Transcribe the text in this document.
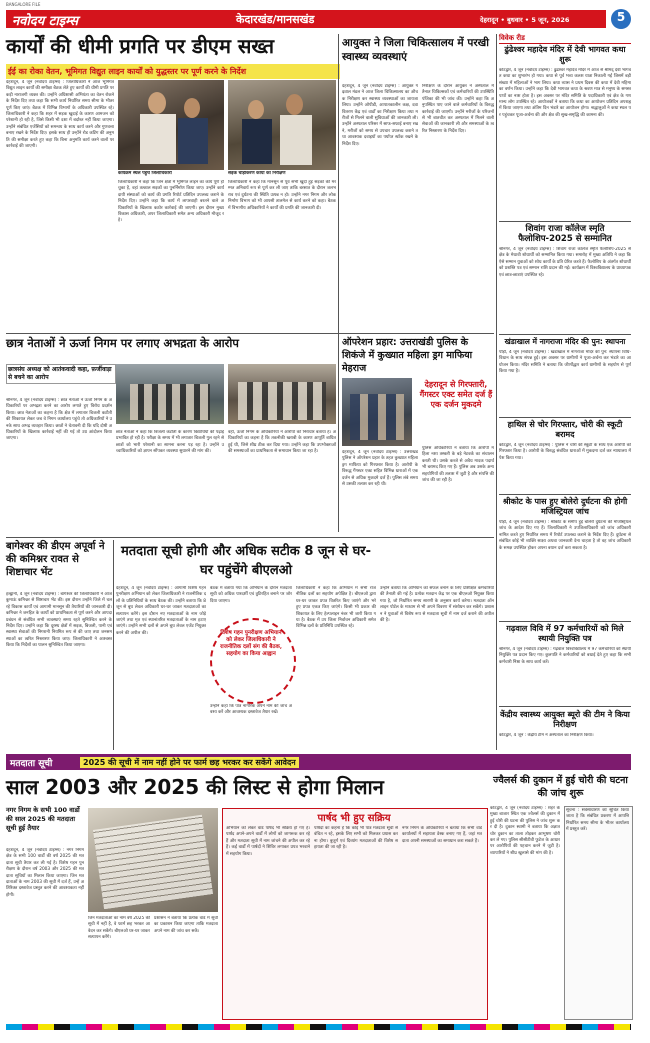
BANGALORE FILE
नवोदय टाइम्स	केदारखंड/मानसखंड	देहरादून • बुधवार • 5 जून, 2026	5
कार्यों की धीमी प्रगति पर डीएम सख्त
ईई का रोका वेतन, भूमिगत विद्युत लाइन कार्यों को युद्धस्तर पर पूर्ण करने के निर्देश
देहरादून, 4 जून (नवोदय टाइम्स) : जिलाधिकारी ने आज भूमिगत विद्युत लाइन कार्यों की समीक्षा बैठक लेते हुए कार्यों की धीमी प्रगति पर कड़ी नाराजगी व्यक्त की। उन्होंने अधिशासी अभियंता का वेतन रोकने के निर्देश दिए तथा कहा कि सभी कार्य निर्धारित समय सीमा के भीतर पूर्ण किए जाएं। बैठक में विभिन्न विभागों के अधिकारी उपस्थित रहे। जिलाधिकारी ने कहा कि शहर में सड़क खुदाई के कारण आमजन को परेशानी हो रही है, जिसे किसी भी दशा में बर्दाश्त नहीं किया जाएगा। उन्होंने संबंधित एजेंसियों को समन्वय के साथ कार्य करने और गुणवत्ता बनाए रखने के निर्देश दिए। इसके साथ ही उन्होंने रोड कटिंग की अनुमति की समीक्षा करते हुए कहा कि बिना अनुमति कार्य करने वालों पर कार्रवाई की जाएगी।
कार्यक्रम स्थल पहुंचे जिलाधिकारी	सड़क चौड़ीकरण कार्यों का निरीक्षण
जिलाधिकारी ने कहा कि जिन क्षेत्रों में भूमिगत लाइन का कार्य पूर्ण हो चुका है, वहां तत्काल सड़कों का पुनर्निर्माण किया जाए। उन्होंने कार्यदायी संस्थाओं को कार्य की प्रगति रिपोर्ट प्रतिदिन उपलब्ध कराने के निर्देश दिए। उन्होंने कहा कि कार्य में लापरवाही बरतने वाले अधिकारियों के खिलाफ कठोर कार्रवाई की जाएगी। इस दौरान मुख्य विकास अधिकारी, अपर जिलाधिकारी समेत अन्य अधिकारी मौजूद रहे।
जिलाधिकारी ने कहा कि मानसून से पूर्व सभी खुदी हुई सड़कों की मरम्मत अनिवार्य रूप से पूर्ण कर ली जाए ताकि बरसात के दौरान जलभराव एवं दुर्घटना की स्थिति उत्पन्न न हो। उन्होंने नगर निगम और लोक निर्माण विभाग को भी आपसी तालमेल से कार्य करने को कहा। बैठक में विभागीय अधिकारियों ने कार्यों की प्रगति की जानकारी दी।
आयुक्त ने जिला चिकित्सालय में परखी स्वास्थ्य व्यवस्थाएं
देहरादून, 4 जून (नवोदय टाइम्स) : आयुक्त गढ़वाल मंडल ने आज जिला चिकित्सालय का औचक निरीक्षण कर स्वास्थ्य व्यवस्थाओं का जायजा लिया। उन्होंने ओपीडी, आपातकालीन कक्ष, दवा वितरण केंद्र एवं वार्डों का निरीक्षण किया तथा मरीजों से मिलने वाली सुविधाओं की जानकारी ली। उन्होंने अस्पताल परिसर में साफ-सफाई बनाए रखने, मरीजों को समय से उपचार उपलब्ध कराने तथा आवश्यक दवाइयों का पर्याप्त स्टॉक रखने के निर्देश दिए।
निरीक्षण के दौरान आयुक्त ने अस्पताल में तैनात चिकित्सकों एवं कर्मचारियों की उपस्थिति पंजिका की भी जांच की। उन्होंने कहा कि अनुपस्थित पाए जाने वाले कर्मचारियों के विरुद्ध कार्रवाई की जाएगी। उन्होंने मरीजों के परिजनों से भी बातचीत कर अस्पताल में मिलने वाली सेवाओं की जानकारी ली और समस्याओं के त्वरित निस्तारण के निर्देश दिए।
विवेक रीड
ढुंढेश्वर महादेव मंदिर में देवी भागवत कथा शुरू
कोटद्वार, 4 जून (नवोदय टाइम्स) : ढुंढेश्वर महादेव मंदिर में आज से श्रीमद् देवी भागवत कथा का शुभारंभ हो गया। कथा से पूर्व भव्य कलश यात्रा निकाली गई जिसमें बड़ी संख्या में महिलाओं ने भाग लिया। कथा व्यास ने प्रथम दिवस की कथा में देवी महिमा का वर्णन किया। उन्होंने कहा कि देवी भागवत कथा के श्रवण मात्र से मनुष्य के समस्त पापों का नाश होता है। इस अवसर पर मंदिर समिति के पदाधिकारी एवं क्षेत्र के गणमान्य लोग उपस्थित रहे। आयोजकों ने बताया कि कथा का आयोजन प्रतिदिन अपराह्न में किया जाएगा तथा अंतिम दिन भंडारे का आयोजन होगा। श्रद्धालुओं ने कथा स्थल पर पहुंचकर पूजा-अर्चना की और क्षेत्र की सुख-समृद्धि की कामना की।
शिवांग राजा कॉलेज स्मृति फैलोशिप-2025 से सम्मानित
श्रीनगर, 4 जून (नवोदय टाइम्स) : शिवांग राजा कॉलेज स्मृति फैलोशिप-2025 से क्षेत्र के मेधावी शोधार्थी को सम्मानित किया गया। समारोह में मुख्य अतिथि ने कहा कि ऐसे सम्मान युवाओं को शोध कार्यों के प्रति प्रेरित करते हैं। फैलोशिप के अंतर्गत शोधार्थी को प्रशस्ति पत्र एवं सम्मान राशि प्रदान की गई। कार्यक्रम में विश्वविद्यालय के प्राध्यापक एवं छात्र-छात्राएं उपस्थित रहे।
खंडाखाल में नागराजा मंदिर की पुन: स्थापना
पौड़ी, 4 जून (नवोदय टाइम्स) : खंडाखाल में नागराजा मंदिर की पुन: स्थापना विधि-विधान के साथ संपन्न हुई। इस अवसर पर ग्रामीणों ने पूजा-अर्चना कर भंडारे का आयोजन किया। मंदिर समिति ने बताया कि जीर्णोद्धार कार्य ग्रामीणों के सहयोग से पूर्ण किया गया है।
हाथिल से चोर गिरफ्तार, चोरी की स्कूटी बरामद
कोटद्वार, 4 जून (नवोदय टाइम्स) : पुलिस ने चोरी की स्कूटी के साथ एक आरोपी को गिरफ्तार किया है। आरोपी के विरुद्ध संबंधित धाराओं में मुकदमा दर्ज कर न्यायालय में पेश किया गया।
श्रीकोट के पास हुए बोलेरो दुर्घटना की होगी मजिस्ट्रियल जांच
पौड़ी, 4 जून (नवोदय टाइम्स) : श्रीकोट के समीप हुई बोलेरो दुर्घटना की मजिस्ट्रियल जांच के आदेश दिए गए हैं। जिलाधिकारी ने उपजिलाधिकारी को जांच अधिकारी नामित करते हुए निर्धारित समय में रिपोर्ट उपलब्ध कराने के निर्देश दिए हैं। दुर्घटना से संबंधित कोई भी व्यक्ति साक्ष्य अथवा जानकारी देना चाहता है तो वह जांच अधिकारी के समक्ष उपस्थित होकर अपना बयान दर्ज करा सकता है।
गढ़वाल विवि में 97 कर्मचारियों को मिले स्थायी नियुक्ति पत्र
श्रीनगर, 4 जून (नवोदय टाइम्स) : गढ़वाल विश्वविद्यालय में 97 कर्मचारियों को स्थायी नियुक्ति पत्र प्रदान किए गए। कुलपति ने कर्मचारियों को बधाई देते हुए कहा कि सभी कर्मचारी निष्ठा के साथ कार्य करें।
छात्र नेताओं ने ऊर्जा निगम पर लगाए अभद्रता के आरोप
छात्रसंघ अध्यक्ष को आतंकवादी कहा, फ़र्जीवाड़ा से बचने का आरोप
श्रीनगर, 4 जून (नवोदय टाइम्स) : छात्र नेताओं ने ऊर्जा निगम के अधिकारियों पर अभद्रता करने का आरोप लगाते हुए विरोध प्रदर्शन किया। छात्र नेताओं का कहना है कि क्षेत्र में लगातार बिजली कटौती की शिकायत लेकर जब वे निगम कार्यालय पहुंचे तो अधिकारियों ने उनके साथ अभद्र व्यवहार किया। छात्रों ने चेतावनी दी कि यदि दोषी अधिकारियों के खिलाफ कार्रवाई नहीं की गई तो उग्र आंदोलन किया जाएगा।
छात्र नेताओं ने कहा कि बिजली कटौती के कारण विद्यार्थियों की पढ़ाई प्रभावित हो रही है। परीक्षा के समय में भी लगातार बिजली गुल रहने से छात्रों को भारी परेशानी का सामना करना पड़ रहा है। उन्होंने उच्चाधिकारियों को ज्ञापन सौंपकर व्यवस्था सुधारने की मांग की।
वहीं, ऊर्जा निगम के अधिकारियों ने आरोपों को निराधार बताया है। अधिकारियों का कहना है कि तकनीकी खराबी के कारण आपूर्ति बाधित हुई थी, जिसे शीघ्र ठीक कर दिया गया। उन्होंने कहा कि उपभोक्ताओं की समस्याओं का प्राथमिकता से समाधान किया जा रहा है।
ऑपरेशन प्रहार: उत्तराखंडी पुलिस के शिकंजे में कुख्यात महिला ड्रग माफिया मेहराज
देहरादून से गिरफ्तारी, गैंगस्टर एक्ट समेत दर्ज हैं एक दर्जन मुकदमे
देहरादून, 4 जून (नवोदय टाइम्स) : उत्तराखंड पुलिस ने ऑपरेशन प्रहार के तहत कुख्यात महिला ड्रग माफिया को गिरफ्तार किया है। आरोपी के विरुद्ध गैंगस्टर एक्ट सहित विभिन्न धाराओं में एक दर्जन से अधिक मुकदमे दर्ज हैं। पुलिस लंबे समय से उसकी तलाश कर रही थी।
पुलिस अधिकारियों ने बताया कि आरोपी महिला नशा तस्करी के बड़े नेटवर्क का संचालन करती थी। उसके कब्जे से अवैध मादक पदार्थ भी बरामद किए गए हैं। पुलिस अब उसके अन्य सहयोगियों की तलाश में जुटी है और संपत्ति की जांच की जा रही है।
बागेश्वर की डीएम अपूर्वा ने की कमिश्नर रावत से शिष्टाचार भेंट
हल्द्वानी, 4 जून (नवोदय टाइम्स) : बागेश्वर की जिलाधिकारी ने आज कुमाऊं कमिश्नर से शिष्टाचार भेंट की। इस दौरान उन्होंने जिले में चल रहे विकास कार्यों एवं आगामी मानसून की तैयारियों की जानकारी दी। कमिश्नर ने जनहित के कार्यों को प्राथमिकता से पूर्ण करने और आपदा प्रबंधन से संबंधित सभी व्यवस्थाएं समय रहते सुनिश्चित करने के निर्देश दिए। उन्होंने कहा कि दूरस्थ क्षेत्रों में सड़क, बिजली, पानी एवं स्वास्थ्य सेवाओं की निगरानी नियमित रूप से की जाए तथा जनसमस्याओं का त्वरित निस्तारण किया जाए। जिलाधिकारी ने आश्वस्त किया कि निर्देशों का पालन सुनिश्चित किया जाएगा।
मतदाता सूची होगी और अधिक सटीक 8 जून से घर-घर पहुंचेंगे बीएलओ
देहरादून, 4 जून (नवोदय टाइम्स) : आगामी विशेष गहन पुनरीक्षण अभियान को लेकर जिलाधिकारी ने राजनीतिक दलों के प्रतिनिधियों के साथ बैठक की। उन्होंने बताया कि 8 जून से बूथ लेवल अधिकारी घर-घर जाकर मतदाताओं का सत्यापन करेंगे। इस दौरान नए मतदाताओं के नाम जोड़े जाएंगे तथा मृत एवं स्थानांतरित मतदाताओं के नाम हटाए जाएंगे। उन्होंने सभी दलों से अपने बूथ लेवल एजेंट नियुक्त करने की अपील की।	विशेष गहन पुनरीक्षण अभियान को लेकर जिलाधिकारी ने राजनीतिक दलों संग की बैठक, सहयोग का किया आह्वान
बैठक में बताया गया कि अभियान के दौरान मतदाता सूची को अधिक पारदर्शी एवं त्रुटिरहित बनाने पर जोर दिया जाएगा।
उन्होंने कहा कि पात्र नागरिक अपने नाम की जांच अवश्य करें और आवश्यक दस्तावेज तैयार रखें।
जिलाधिकारी ने कहा कि अभियान में सभी राजनीतिक दलों का सहयोग अपेक्षित है। बीएलओ द्वारा घर-घर जाकर प्रपत्र वितरित किए जाएंगे और भरे हुए प्रपत्र एकत्र किए जाएंगे। किसी भी प्रकार की शिकायत के लिए हेल्पलाइन नंबर भी जारी किया गया है। बैठक में उप जिला निर्वाचन अधिकारी समेत विभिन्न दलों के प्रतिनिधि उपस्थित रहे।
उन्होंने बताया कि अभियान को सफल बनाने के लिए प्रशिक्षित कर्मचारियों की तैनाती की गई है। प्रत्येक मतदान केंद्र पर एक बीएलओ नियुक्त किया गया है, जो निर्धारित समय सारणी के अनुसार कार्य करेगा। मतदाता ऑनलाइन पोर्टल के माध्यम से भी अपने विवरण में संशोधन कर सकेंगे। प्रशासन ने युवाओं से विशेष रूप से मतदाता सूची में नाम दर्ज कराने की अपील की है।
केंद्रीय स्वास्थ्य आयुक्त ब्यूरो की टीम ने किया निरीक्षण
कोटद्वार, 4 जून : केंद्रीय टीम ने अस्पताल का निरीक्षण किया।
मतदाता सूची	2025 की सूची में नाम नहीं होने पर फार्म छह भरकर कर सकेंगे आवेदन
साल 2003 और 2025 की लिस्ट से होगा मिलान
नगर निगम के सभी 100 वार्डो की साल 2025 की मतदाता सूची हुई तैयार
देहरादून, 4 जून (नवोदय टाइम्स) : नगर निगम क्षेत्र के सभी 100 वार्डों की वर्ष 2025 की मतदाता सूची तैयार कर ली गई है। विशेष गहन पुनरीक्षण के दौरान वर्ष 2003 और 2025 की मतदाता सूचियों का मिलान किया जाएगा। जिन मतदाताओं के नाम 2003 की सूची में दर्ज हैं, उन्हें अतिरिक्त दस्तावेज प्रस्तुत करने की आवश्यकता नहीं होगी।
जिन मतदाताओं का नाम वर्ष 2025 की सूची में नहीं है, वे फार्म छह भरकर आवेदन कर सकेंगे। बीएलओ घर-घर जाकर सत्यापन करेंगे।
प्रशासन ने बताया कि प्रत्येक वार्ड में सूची का प्रकाशन किया जाएगा ताकि मतदाता अपने नाम की जांच कर सकें।
पार्षद भी हुए सक्रिय
अभियान को लेकर वार्ड पार्षद भी सक्रिय हो गए हैं। पार्षद अपने-अपने वार्डों में लोगों को जागरूक कर रहे हैं और मतदाता सूची में नाम जांचने की अपील कर रहे हैं। कई वार्डों में पार्षदों ने शिविर लगाकर प्रपत्र भरवाने में सहयोग किया।
पार्षदों का कहना है कि कोई भी पात्र मतदाता सूची से वंचित न रहे, इसके लिए सभी को मिलकर प्रयास करना होगा। बुजुर्ग एवं दिव्यांग मतदाताओं की विशेष सहायता की जा रही है।
नगर निगम के अधिकारियों ने बताया कि सभी वार्ड कार्यालयों में सहायता डेस्क बनाए गए हैं, जहां मतदाता अपनी समस्याओं का समाधान करा सकते हैं।
ज्वैलर्स की दुकान में हुई चोरी की घटना की जांच शुरू
कोटद्वार, 4 जून (नवोदय टाइम्स) : शहर के मुख्य बाजार स्थित एक ज्वैलर्स की दुकान में हुई चोरी की घटना की पुलिस ने जांच शुरू कर दी है। दुकान स्वामी ने बताया कि अज्ञात चोर दुकान का ताला तोड़कर आभूषण चोरी कर ले गए। पुलिस सीसीटीवी फुटेज के आधार पर आरोपियों की पहचान करने में जुटी है। व्यापारियों ने शीघ्र खुलासे की मांग की है।
सूचना : सर्वसाधारण को सूचित किया जाता है कि संबंधित प्रकरण में आपत्ति निर्धारित समय सीमा के भीतर कार्यालय में प्रस्तुत करें।
